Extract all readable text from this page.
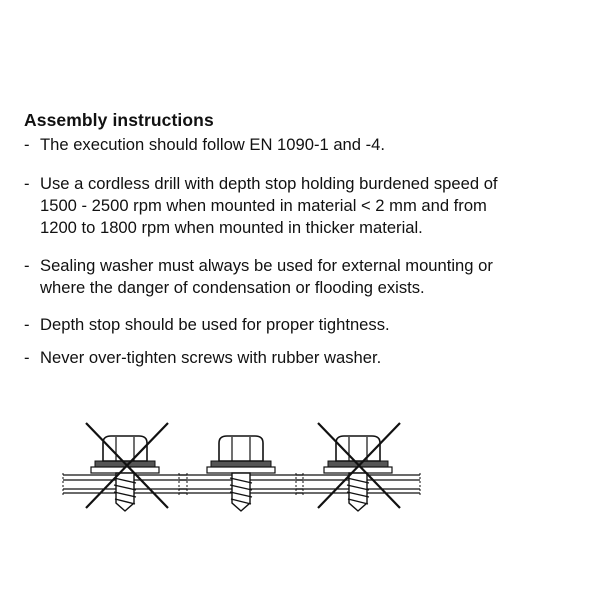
Assembly instructions
- The execution should follow EN 1090-1 and -4.
- Use a cordless drill with depth stop holding burdened speed of
1500 - 2500 rpm when mounted in material < 2 mm and from
1200 to 1800 rpm when mounted in thicker material.
- Sealing washer must always be used for external mounting or
where the danger of condensation or flooding exists.
- Depth stop should be used for proper tightness.
- Never over-tighten screws with rubber washer.
